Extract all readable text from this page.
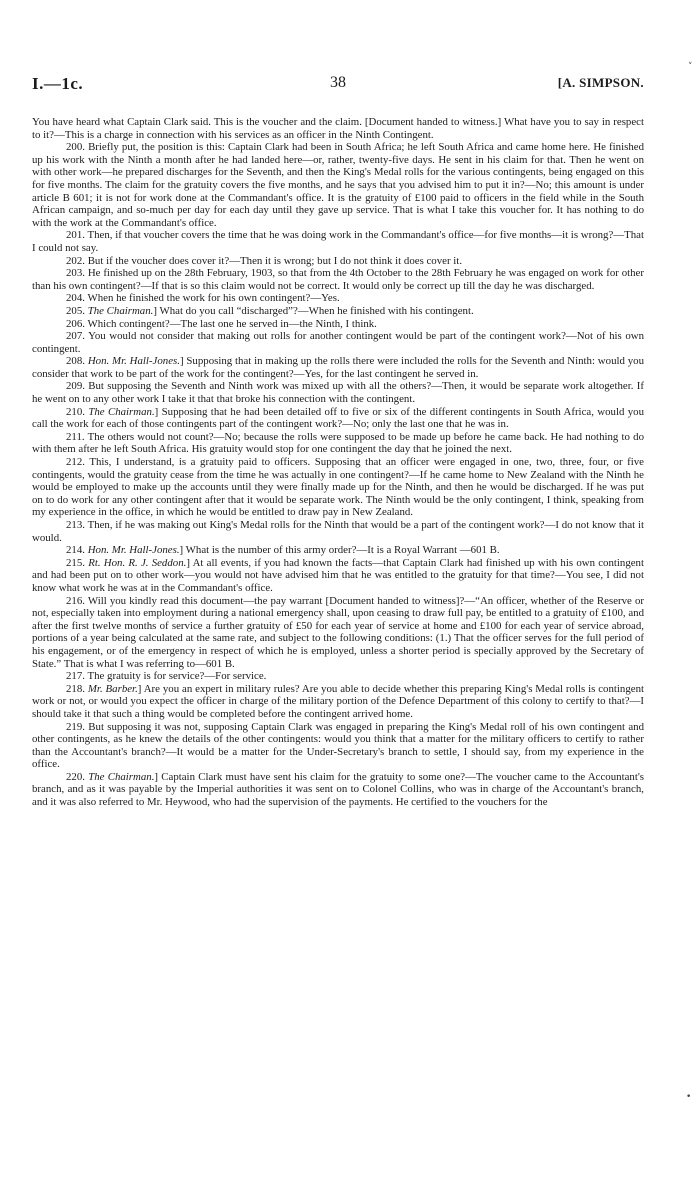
I.—1c.	38	[A. SIMPSON.

You have heard what Captain Clark said. This is the voucher and the claim. [Document handed to witness.] What have you to say in respect to it?—This is a charge in connection with his services as an officer in the Ninth Contingent.

200. Briefly put, the position is this: Captain Clark had been in South Africa; he left South Africa and came home here. He finished up his work with the Ninth a month after he had landed here—or, rather, twenty-five days. He sent in his claim for that. Then he went on with other work—he prepared discharges for the Seventh, and then the King's Medal rolls for the various contingents, being engaged on this for five months. The claim for the gratuity covers the five months, and he says that you advised him to put it in?—No; this amount is under article B 601; it is not for work done at the Commandant's office. It is the gratuity of £100 paid to officers in the field while in the South African campaign, and so-much per day for each day until they gave up service. That is what I take this voucher for. It has nothing to do with the work at the Commandant's office.

201. Then, if that voucher covers the time that he was doing work in the Commandant's office—for five months—it is wrong?—That I could not say.

202. But if the voucher does cover it?—Then it is wrong; but I do not think it does cover it.

203. He finished up on the 28th February, 1903, so that from the 4th October to the 28th February he was engaged on work for other than his own contingent?—If that is so this claim would not be correct. It would only be correct up till the day he was discharged.

204. When he finished the work for his own contingent?—Yes.

205. The Chairman.] What do you call “discharged”?—When he finished with his contingent.

206. Which contingent?—The last one he served in—the Ninth, I think.

207. You would not consider that making out rolls for another contingent would be part of the contingent work?—Not of his own contingent.

208. Hon. Mr. Hall-Jones.] Supposing that in making up the rolls there were included the rolls for the Seventh and Ninth: would you consider that work to be part of the work for the contingent?—Yes, for the last contingent he served in.

209. But supposing the Seventh and Ninth work was mixed up with all the others?—Then, it would be separate work altogether. If he went on to any other work I take it that that broke his connection with the contingent.

210. The Chairman.] Supposing that he had been detailed off to five or six of the different contingents in South Africa, would you call the work for each of those contingents part of the contingent work?—No; only the last one that he was in.

211. The others would not count?—No; because the rolls were supposed to be made up before he came back. He had nothing to do with them after he left South Africa. His gratuity would stop for one contingent the day that he joined the next.

212. This, I understand, is a gratuity paid to officers. Supposing that an officer were engaged in one, two, three, four, or five contingents, would the gratuity cease from the time he was actually in one contingent?—If he came home to New Zealand with the Ninth he would be employed to make up the accounts until they were finally made up for the Ninth, and then he would be discharged. If he was put on to do work for any other contingent after that it would be separate work. The Ninth would be the only contingent, I think, speaking from my experience in the office, in which he would be entitled to draw pay in New Zealand.

213. Then, if he was making out King's Medal rolls for the Ninth that would be a part of the contingent work?—I do not know that it would.

214. Hon. Mr. Hall-Jones.] What is the number of this army order?—It is a Royal Warrant —601 B.

215. Rt. Hon. R. J. Seddon.] At all events, if you had known the facts—that Captain Clark had finished up with his own contingent and had been put on to other work—you would not have advised him that he was entitled to the gratuity for that time?—You see, I did not know what work he was at in the Commandant's office.

216. Will you kindly read this document—the pay warrant [Document handed to witness]?—“An officer, whether of the Reserve or not, especially taken into employment during a national emergency shall, upon ceasing to draw full pay, be entitled to a gratuity of £100, and after the first twelve months of service a further gratuity of £50 for each year of service at home and £100 for each year of service abroad, portions of a year being calculated at the same rate, and subject to the following conditions: (1.) That the officer serves for the full period of his engagement, or of the emergency in respect of which he is employed, unless a shorter period is specially approved by the Secretary of State.” That is what I was referring to—601 B.

217. The gratuity is for service?—For service.

218. Mr. Barber.] Are you an expert in military rules? Are you able to decide whether this preparing King's Medal rolls is contingent work or not, or would you expect the officer in charge of the military portion of the Defence Department of this colony to certify to that?—I should take it that such a thing would be completed before the contingent arrived home.

219. But supposing it was not, supposing Captain Clark was engaged in preparing the King's Medal roll of his own contingent and other contingents, as he knew the details of the other contingents: would you think that a matter for the military officers to certify to rather than the Accountant's branch?—It would be a matter for the Under-Secretary's branch to settle, I should say, from my experience in the office.

220. The Chairman.] Captain Clark must have sent his claim for the gratuity to some one?—The voucher came to the Accountant's branch, and as it was payable by the Imperial authorities it was sent on to Colonel Collins, who was in charge of the Accountant's branch, and it was also referred to Mr. Heywood, who had the supervision of the payments. He certified to the vouchers for the

˅
•
